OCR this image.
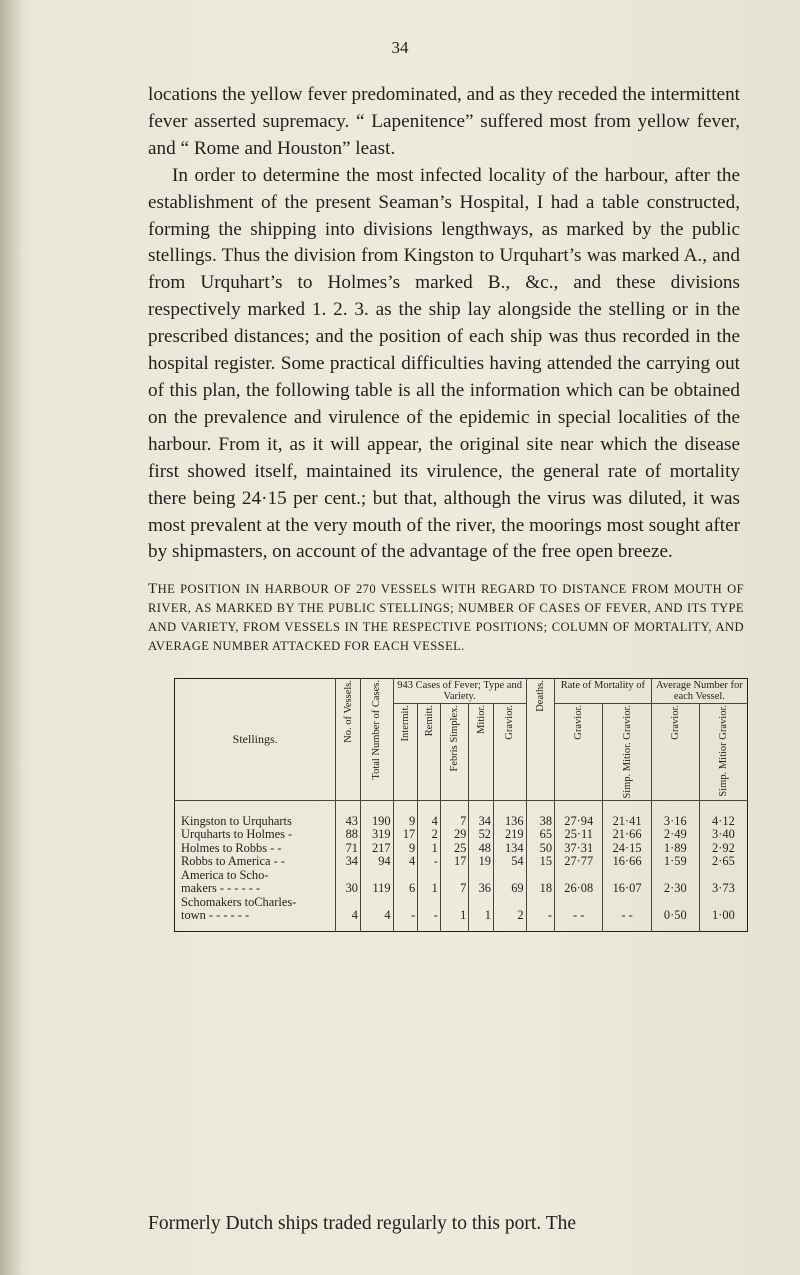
34

locations the yellow fever predominated, and as they receded the intermittent fever asserted supremacy. “ Lapenitence” suffered most from yellow fever, and “ Rome and Houston” least.

In order to determine the most infected locality of the harbour, after the establishment of the present Seaman’s Hospital, I had a table constructed, forming the shipping into divisions lengthways, as marked by the public stellings. Thus the division from Kingston to Urquhart’s was marked A., and from Urquhart’s to Holmes’s marked B., &c., and these divisions respectively marked 1. 2. 3. as the ship lay alongside the stelling or in the prescribed distances; and the position of each ship was thus recorded in the hospital register. Some practical difficulties having attended the carrying out of this plan, the following table is all the information which can be obtained on the prevalence and virulence of the epidemic in special localities of the harbour. From it, as it will appear, the original site near which the disease first showed itself, maintained its virulence, the general rate of mortality there being 24·15 per cent.; but that, although the virus was diluted, it was most prevalent at the very mouth of the river, the moorings most sought after by shipmasters, on account of the advantage of the free open breeze.

THE POSITION IN HARBOUR OF 270 VESSELS WITH REGARD TO DISTANCE FROM MOUTH OF RIVER, AS MARKED BY THE PUBLIC STELLINGS; NUMBER OF CASES OF FEVER, AND ITS TYPE AND VARIETY, FROM VESSELS IN THE RESPECTIVE POSITIONS; COLUMN OF MORTALITY, AND AVERAGE NUMBER ATTACKED FOR EACH VESSEL.
Stellings.	No. of Vessels.	Total Number of Cases.	943 Cases of Fever; Type and Variety.					Deaths.	Rate of Mortality of		Average Number for each Vessel.	

			Intermit.	Remitt.	Febris Simplex.	Mitior.	Gravior.		Gravior.	Simp. Mitior. Gravior.	Gravior.	Simp. Mitior Gravior.

Kingston to Urquharts	43	190	9	4	7	34	136	38	27·94	21·41	3·16	4·12
Urquharts to Holmes -	88	319	17	2	29	52	219	65	25·11	21·66	2·49	3·40
Holmes to Robbs - -	71	217	9	1	25	48	134	50	37·31	24·15	1·89	2·92
Robbs to America - -	34	94	4	-	17	19	54	15	27·77	16·66	1·59	2·65
America to Scho-
makers - - - - - -	30	119	6	1	7	36	69	18	26·08	16·07	2·30	3·73
Schomakers toCharles-
town - - - - - -	4	4	-	-	1	1	2	-	- -	- -	0·50	1·00
Formerly Dutch ships traded regularly to this port. The
